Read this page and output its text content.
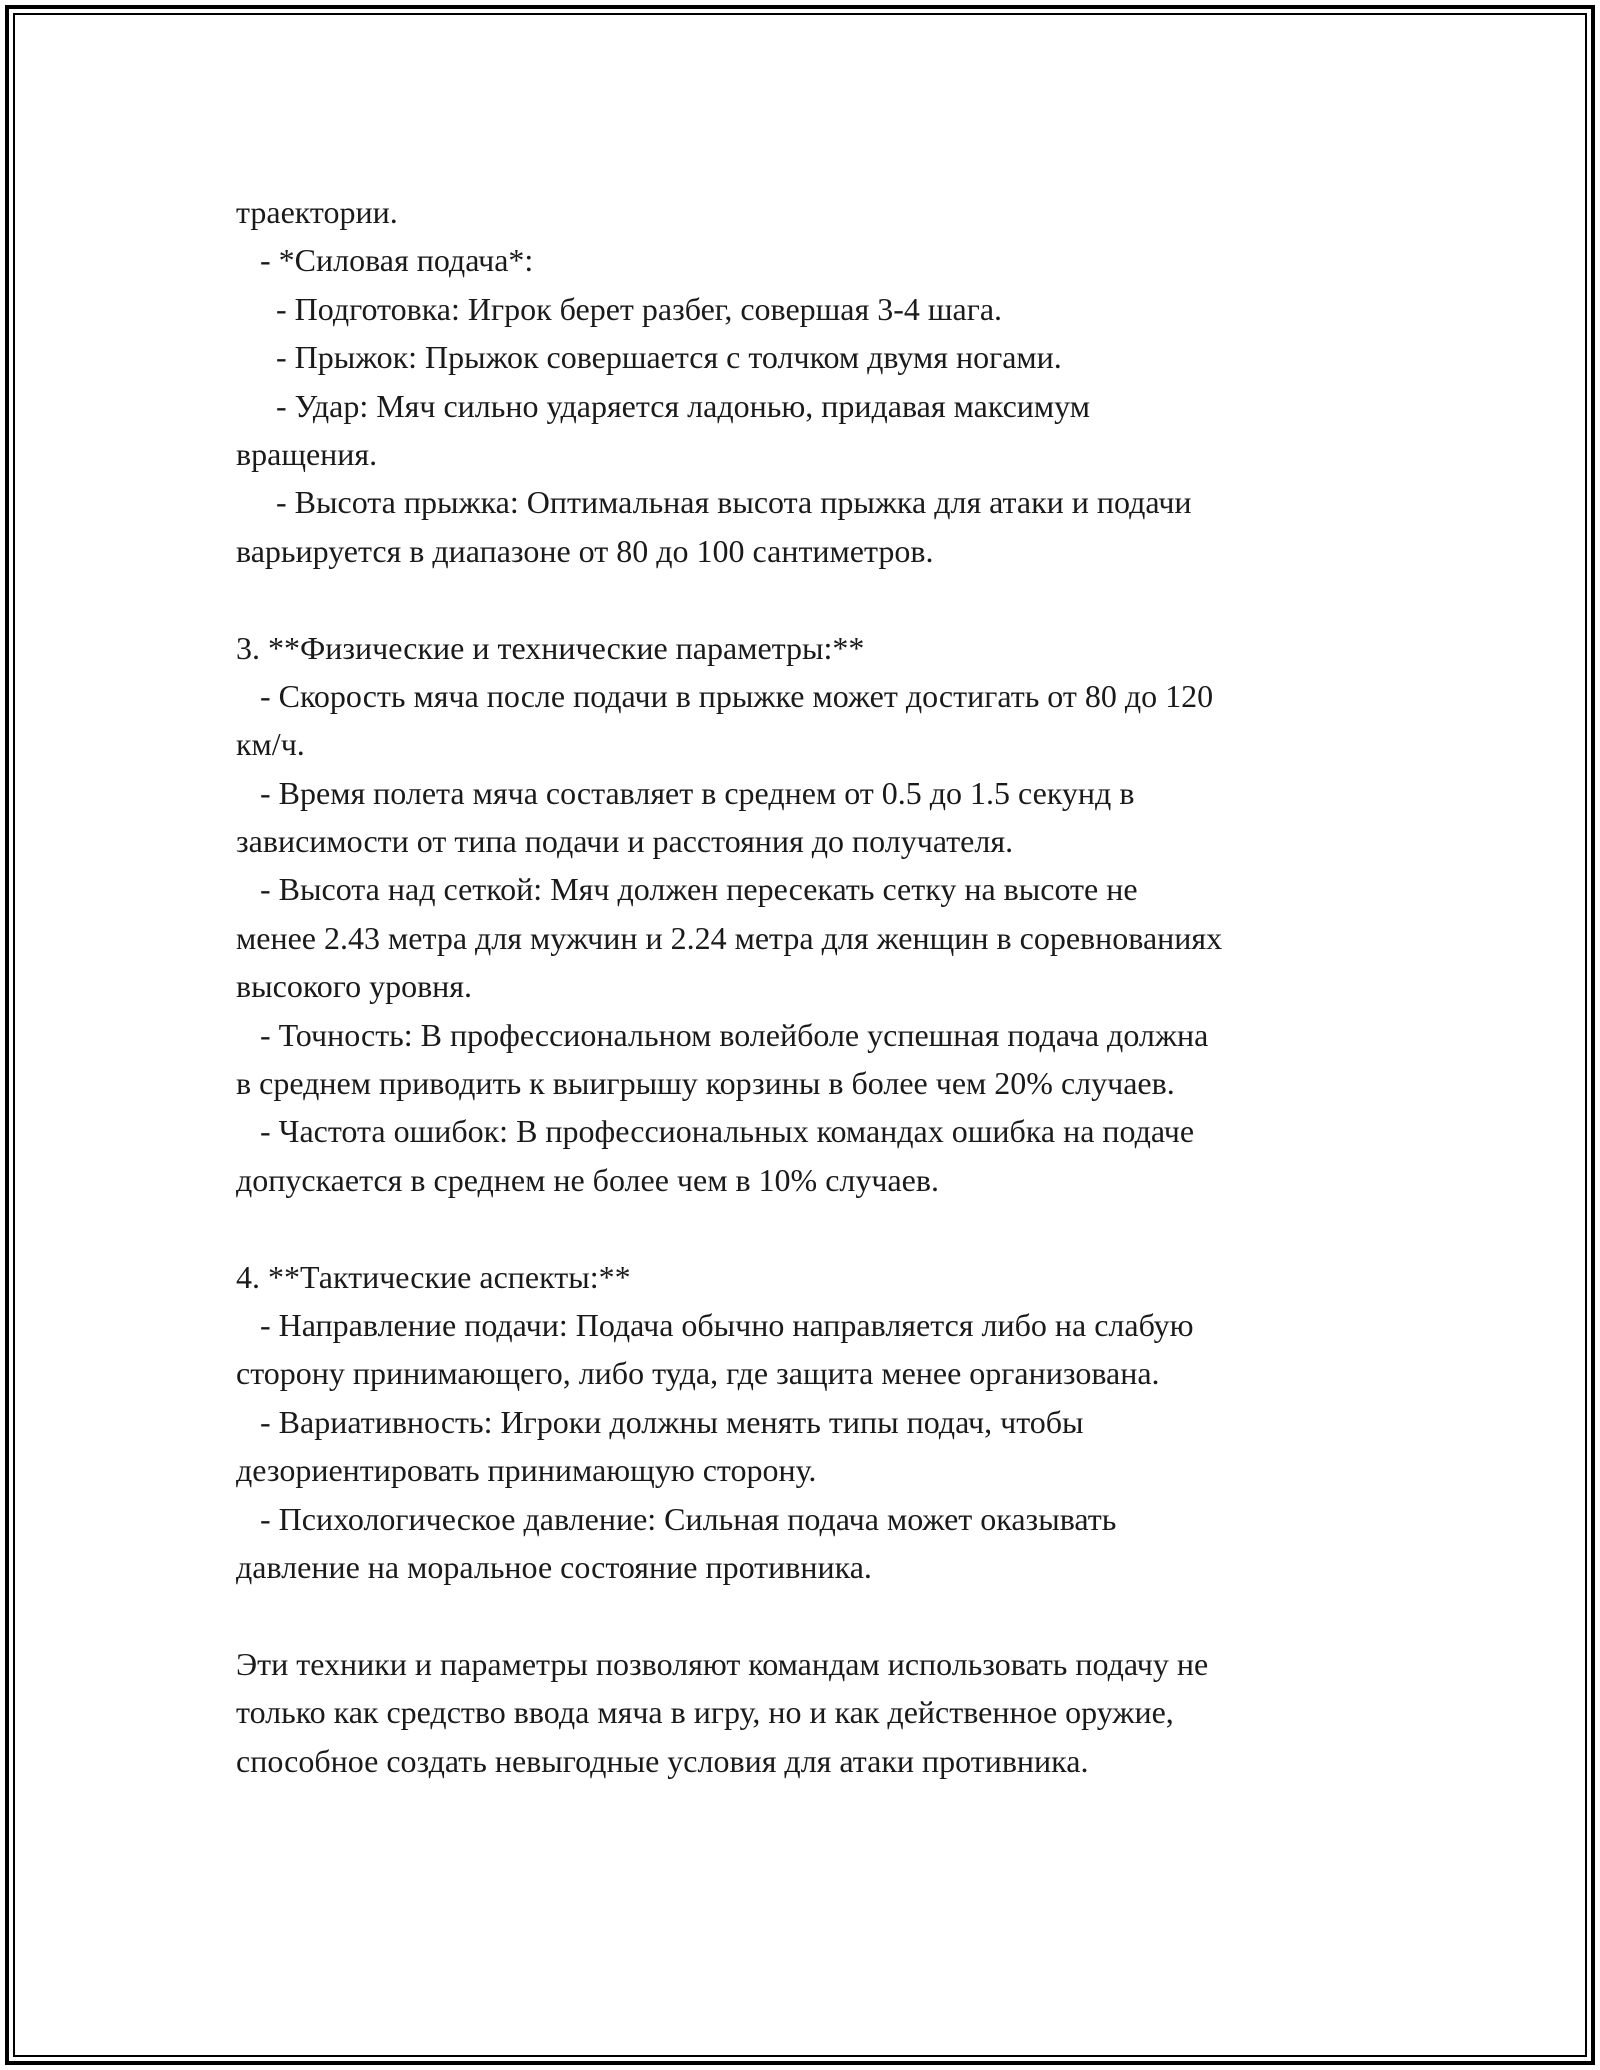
траектории.
- *Силовая подача*:
- Подготовка: Игрок берет разбег, совершая 3-4 шага.
- Прыжок: Прыжок совершается с толчком двумя ногами.
- Удар: Мяч сильно ударяется ладонью, придавая максимум
вращения.
- Высота прыжка: Оптимальная высота прыжка для атаки и подачи
варьируется в диапазоне от 80 до 100 сантиметров.
3. **Физические и технические параметры:**
- Скорость мяча после подачи в прыжке может достигать от 80 до 120
км/ч.
- Время полета мяча составляет в среднем от 0.5 до 1.5 секунд в
зависимости от типа подачи и расстояния до получателя.
- Высота над сеткой: Мяч должен пересекать сетку на высоте не
менее 2.43 метра для мужчин и 2.24 метра для женщин в соревнованиях
высокого уровня.
- Точность: В профессиональном волейболе успешная подача должна
в среднем приводить к выигрышу корзины в более чем 20% случаев.
- Частота ошибок: В профессиональных командах ошибка на подаче
допускается в среднем не более чем в 10% случаев.
4. **Тактические аспекты:**
- Направление подачи: Подача обычно направляется либо на слабую
сторону принимающего, либо туда, где защита менее организована.
- Вариативность: Игроки должны менять типы подач, чтобы
дезориентировать принимающую сторону.
- Психологическое давление: Сильная подача может оказывать
давление на моральное состояние противника.
Эти техники и параметры позволяют командам использовать подачу не
только как средство ввода мяча в игру, но и как действенное оружие,
способное создать невыгодные условия для атаки противника.
